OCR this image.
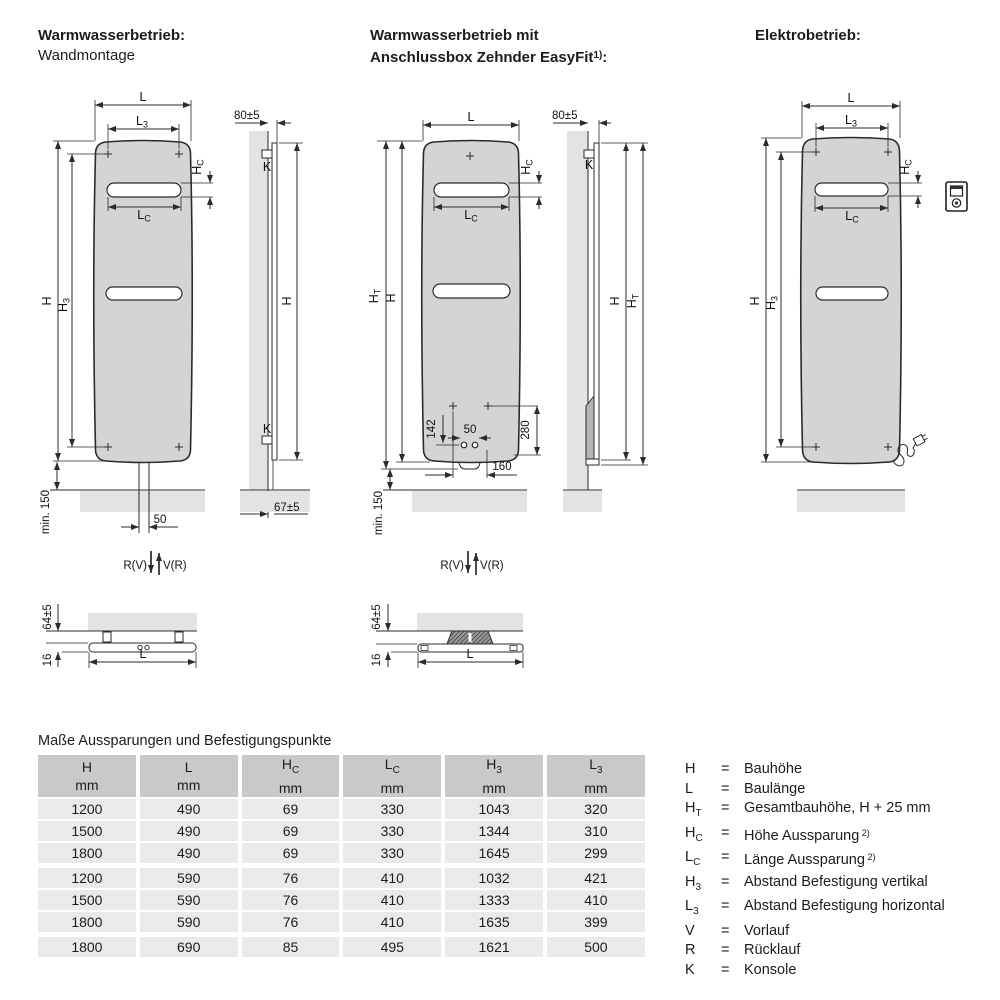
Warmwasserbetrieb:
Wandmontage
Warmwasserbetrieb mit
Anschlussbox Zehnder EasyFit$^{1)}$:
Elektrobetrieb:
L
$L_3$
H
$H_3$
$H_C$
$L_C$
50
min. 150
R(V) V(R)
K
K
80±5
H
67±5
64±5
16	L
L
$H_C$
$L_C$
$H_T$
H
142 50	280
160
min. 150
R(V) V(R)
K
80±5
H $H_T$
64±5
16	L
L
$L_3$
$H_C$
$L_C$
H $H_3$
Maße Aussparungen und Befestigungspunkte
H
mm
L
mm
$H_C$
mm
$L_C$
mm
$H_3$
mm
$L_3$
mm
1200	490	69	330	1043	320
1500	490	69	330	1344	310
1800	490	69	330	1645	299
1200	590	76	410	1032	421
1500	590	76	410	1333	410
1800	590	76	410	1635	399
1800	690	85	495	1621	500
H	=	Bauhöhe
L	=	Baulänge
$H_T$	=	Gesamtbauhöhe, H + 25 mm
$H_C$	=	Höhe Aussparung $^{2)}$
$L_C$	=	Länge Aussparung $^{2)}$
$H_3$	=	Abstand Befestigung vertikal
$L_3$	=	Abstand Befestigung horizontal
V	=	Vorlauf
R	=	Rücklauf
K	=	Konsole
